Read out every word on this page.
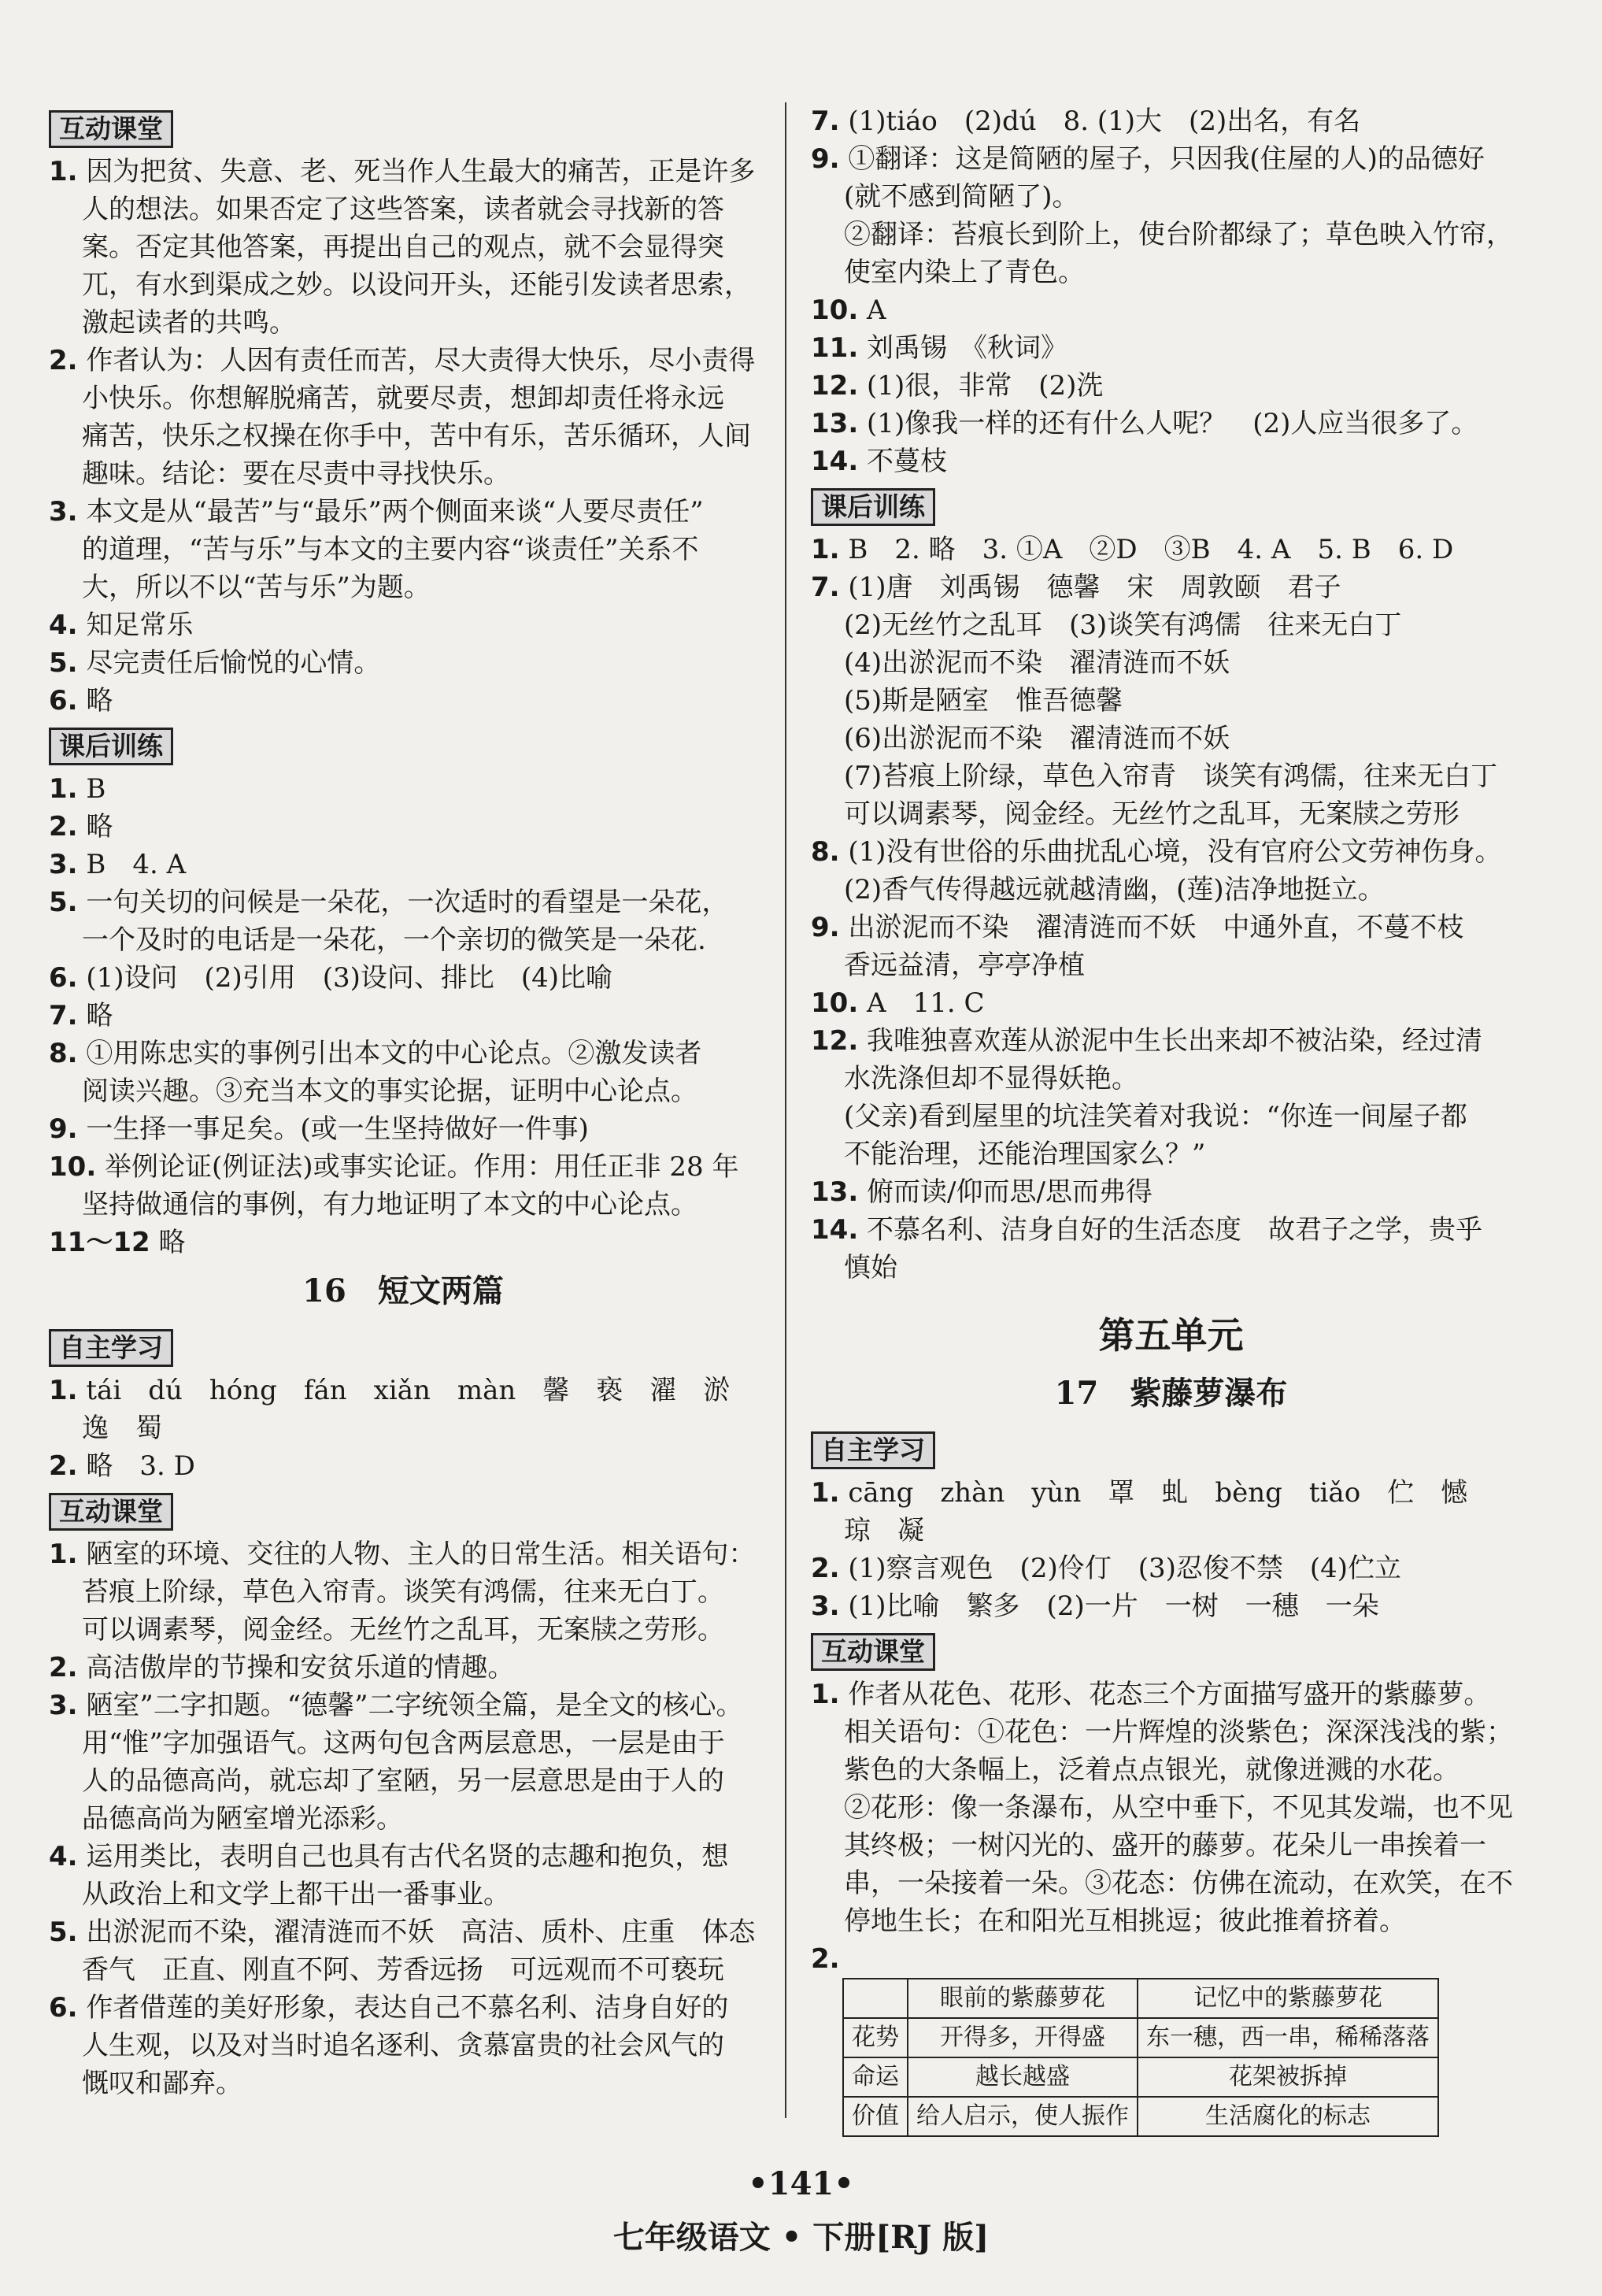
互动课堂
1. 因为把贫、失意、老、死当作人生最大的痛苦，正是许多
人的想法。如果否定了这些答案，读者就会寻找新的答
案。否定其他答案，再提出自己的观点，就不会显得突
兀，有水到渠成之妙。以设问开头，还能引发读者思索，
激起读者的共鸣。
2. 作者认为：人因有责任而苦，尽大责得大快乐，尽小责得
小快乐。你想解脱痛苦，就要尽责，想卸却责任将永远
痛苦，快乐之权操在你手中，苦中有乐，苦乐循环，人间
趣味。结论：要在尽责中寻找快乐。
3. 本文是从“最苦”与“最乐”两个侧面来谈“人要尽责任”
的道理，“苦与乐”与本文的主要内容“谈责任”关系不
大，所以不以“苦与乐”为题。
4. 知足常乐
5. 尽完责任后愉悦的心情。
6. 略
课后训练
1. B
2. 略
3. B　4. A
5. 一句关切的问候是一朵花，一次适时的看望是一朵花，
一个及时的电话是一朵花，一个亲切的微笑是一朵花.
6. (1)设问　(2)引用　(3)设问、排比　(4)比喻
7. 略
8. ①用陈忠实的事例引出本文的中心论点。②激发读者
阅读兴趣。③充当本文的事实论据，证明中心论点。
9. 一生择一事足矣。(或一生坚持做好一件事)
10. 举例论证(例证法)或事实论证。作用：用任正非 28 年
坚持做通信的事例，有力地证明了本文的中心论点。
11～12 略
16　短文两篇
自主学习
1. tái　dú　hóng　fán　xiǎn　màn　馨　亵　濯　淤
逸　蜀
2. 略　3. D
互动课堂
1. 陋室的环境、交往的人物、主人的日常生活。相关语句：
苔痕上阶绿，草色入帘青。谈笑有鸿儒，往来无白丁。
可以调素琴，阅金经。无丝竹之乱耳，无案牍之劳形。
2. 高洁傲岸的节操和安贫乐道的情趣。
3. 陋室”二字扣题。“德馨”二字统领全篇，是全文的核心。
用“惟”字加强语气。这两句包含两层意思，一层是由于
人的品德高尚，就忘却了室陋，另一层意思是由于人的
品德高尚为陋室增光添彩。
4. 运用类比，表明自己也具有古代名贤的志趣和抱负，想
从政治上和文学上都干出一番事业。
5. 出淤泥而不染，濯清涟而不妖　高洁、质朴、庄重　体态
香气　正直、刚直不阿、芳香远扬　可远观而不可亵玩
6. 作者借莲的美好形象，表达自己不慕名利、洁身自好的
人生观，以及对当时追名逐利、贪慕富贵的社会风气的
慨叹和鄙弃。
7. (1)tiáo　(2)dú　8. (1)大　(2)出名，有名
9. ①翻译：这是简陋的屋子，只因我(住屋的人)的品德好
(就不感到简陋了)。
②翻译：苔痕长到阶上，使台阶都绿了；草色映入竹帘，
使室内染上了青色。
10. A
11. 刘禹锡　《秋词》
12. (1)很，非常　(2)洗
13. (1)像我一样的还有什么人呢？　(2)人应当很多了。
14. 不蔓枝
课后训练
1. B　2. 略　3. ①A　②D　③B　4. A　5. B　6. D
7. (1)唐　刘禹锡　德馨　宋　周敦颐　君子
(2)无丝竹之乱耳　(3)谈笑有鸿儒　往来无白丁
(4)出淤泥而不染　濯清涟而不妖
(5)斯是陋室　惟吾德馨
(6)出淤泥而不染　濯清涟而不妖
(7)苔痕上阶绿，草色入帘青　谈笑有鸿儒，往来无白丁
可以调素琴，阅金经。无丝竹之乱耳，无案牍之劳形
8. (1)没有世俗的乐曲扰乱心境，没有官府公文劳神伤身。
(2)香气传得越远就越清幽，(莲)洁净地挺立。
9. 出淤泥而不染　濯清涟而不妖　中通外直，不蔓不枝
香远益清，亭亭净植
10. A　11. C
12. 我唯独喜欢莲从淤泥中生长出来却不被沾染，经过清
水洗涤但却不显得妖艳。
(父亲)看到屋里的坑洼笑着对我说：“你连一间屋子都
不能治理，还能治理国家么？”
13. 俯而读/仰而思/思而弗得
14. 不慕名利、洁身自好的生活态度　故君子之学，贵乎
慎始
第五单元
17　紫藤萝瀑布
自主学习
1. cāng　zhàn　yùn　罩　虬　bèng　tiǎo　伫　憾
琼　凝
2. (1)察言观色　(2)伶仃　(3)忍俊不禁　(4)伫立
3. (1)比喻　繁多　(2)一片　一树　一穗　一朵
互动课堂
1. 作者从花色、花形、花态三个方面描写盛开的紫藤萝。
相关语句：①花色：一片辉煌的淡紫色；深深浅浅的紫；
紫色的大条幅上，泛着点点银光，就像迸溅的水花。
②花形：像一条瀑布，从空中垂下，不见其发端，也不见
其终极；一树闪光的、盛开的藤萝。花朵儿一串挨着一
串，一朵接着一朵。③花态：仿佛在流动，在欢笑，在不
停地生长；在和阳光互相挑逗；彼此推着挤着。
2.
	眼前的紫藤萝花	记忆中的紫藤萝花
花势	开得多，开得盛	东一穗，西一串，稀稀落落
命运	越长越盛	花架被拆掉
价值	给人启示，使人振作	生活腐化的标志
•141•
七年级语文 • 下册[RJ 版]
